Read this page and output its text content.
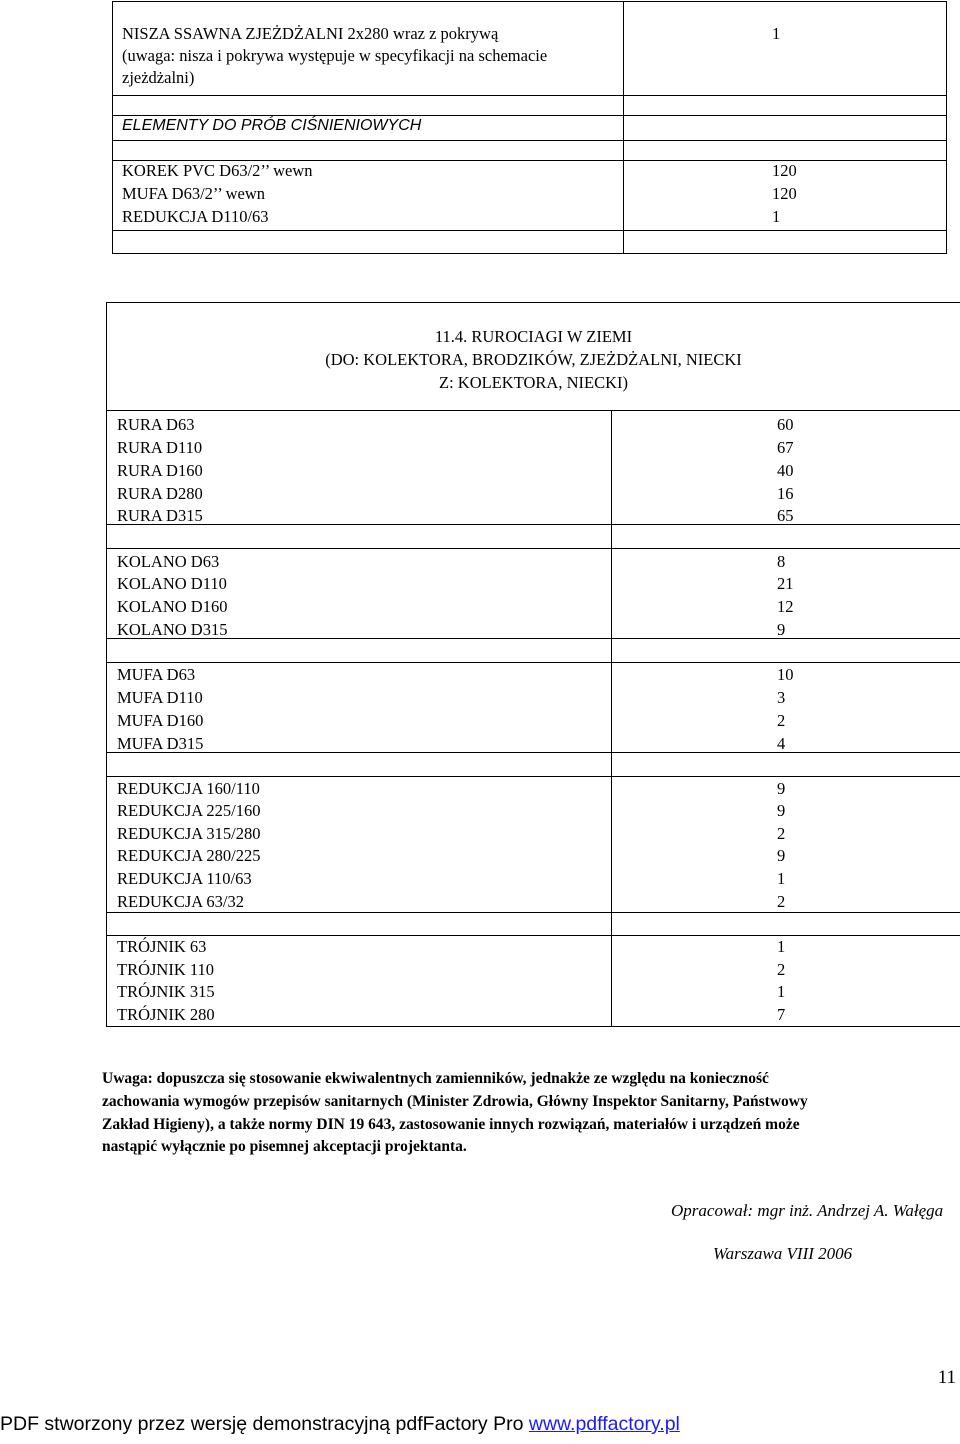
NISZA SSAWNA ZJEŻDŻALNI 2x280 wraz z pokrywą	1
(uwaga: nisza i pokrywa występuje w specyfikacji na schemacie
zjeżdżalni)
ELEMENTY DO PRÓB CIŚNIENIOWYCH
KOREK PVC D63/2’’ wewn	120
MUFA D63/2’’ wewn	120
REDUKCJA D110/63	1
11.4. RUROCIAGI W ZIEMI
(DO: KOLEKTORA, BRODZIKÓW, ZJEŻDŻALNI, NIECKI
Z: KOLEKTORA, NIECKI)
RURA D63	60
RURA D110	67
RURA D160	40
RURA D280	16
RURA D315	65
KOLANO D63	8
KOLANO D110	21
KOLANO D160	12
KOLANO D315	9
MUFA D63	10
MUFA D110	3
MUFA D160	2
MUFA D315	4
REDUKCJA 160/110	9
REDUKCJA 225/160	9
REDUKCJA 315/280	2
REDUKCJA 280/225	9
REDUKCJA 110/63	1
REDUKCJA 63/32	2
TRÓJNIK 63	1
TRÓJNIK 110	2
TRÓJNIK 315	1
TRÓJNIK 280	7
Uwaga: dopuszcza się stosowanie ekwiwalentnych zamienników, jednakże ze względu na konieczność
zachowania wymogów przepisów sanitarnych (Minister Zdrowia, Główny Inspektor Sanitarny, Państwowy
Zakład Higieny), a także normy DIN 19 643, zastosowanie innych rozwiązań, materiałów i urządzeń może
nastąpić wyłącznie po pisemnej akceptacji projektanta.
Opracował: mgr inż. Andrzej A. Wałęga
Warszawa VIII 2006
11
PDF stworzony przez wersję demonstracyjną pdfFactory Pro www.pdffactory.pl
